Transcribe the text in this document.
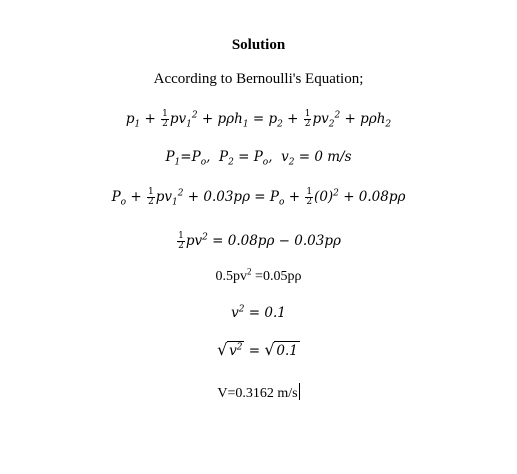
Solution
According to Bernoulli's Equation;
$p_1 + \frac{1}{2} pv_1^2 + p\rho h_1 = p_2 + \frac{1}{2} pv_2^2 + p\rho h_2$
$P_1=P_o$,  $P_2 = P_o$,  $v_2 = 0$ m/s
$P_o + \frac{1}{2} pv_1^2 + 0.03p\rho = P_o + \frac{1}{2} (0)^2 + 0.08p\rho$
$\frac{1}{2} pv^2 = 0.08p\rho - 0.03p\rho$
$0.5pv^2 =0.05p\rho$
$v^2 = 0.1$
√ $v^2$ = √ 0.1
V=0.3162 m/s
